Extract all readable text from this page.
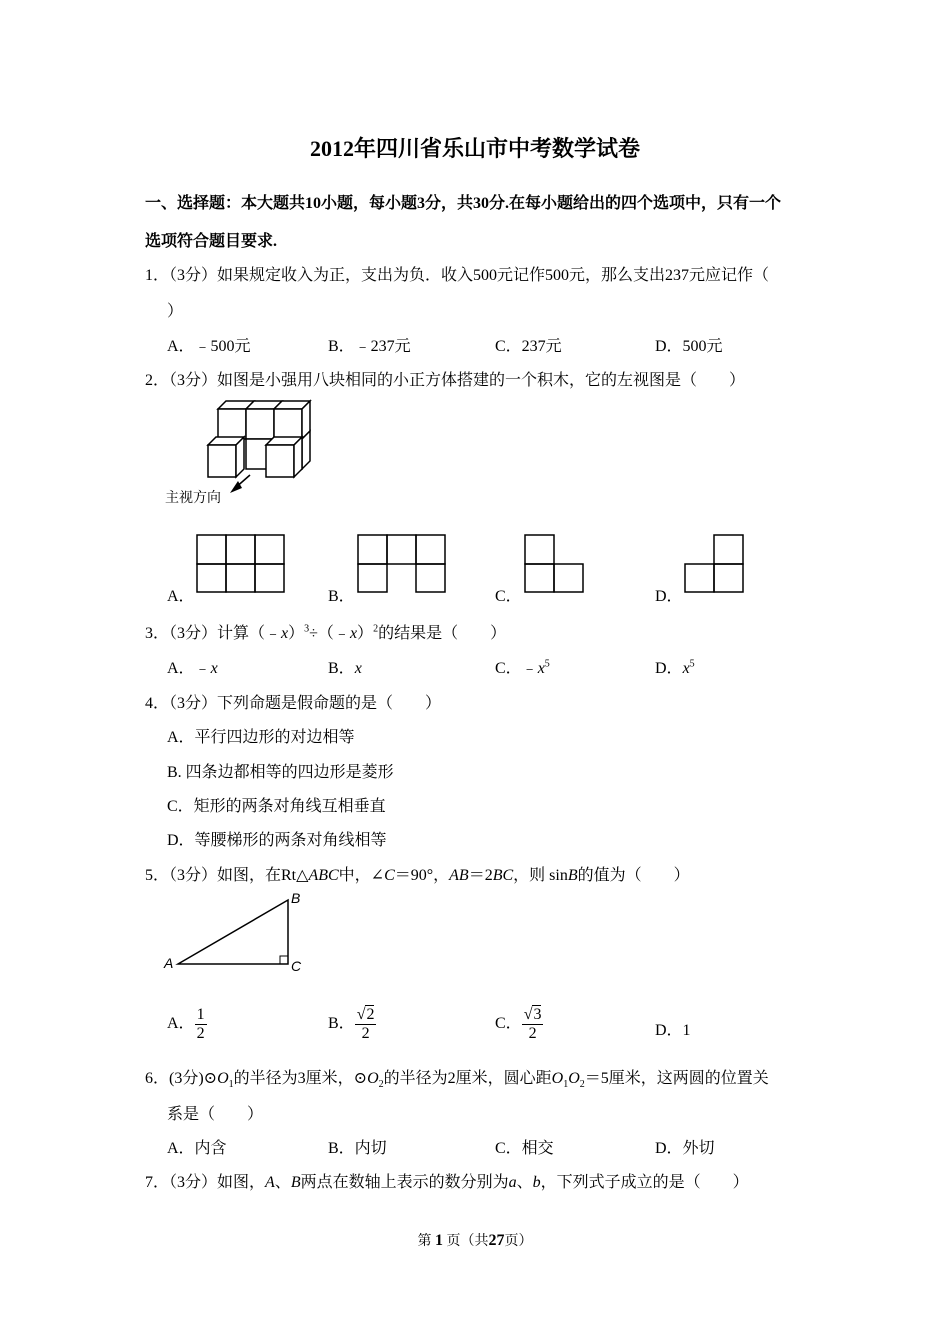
2012年四川省乐山市中考数学试卷
一、选择题：本大题共10小题，每小题3分，共30分.在每小题给出的四个选项中，只有一个
选项符合题目要求.
1．（3分）如果规定收入为正，支出为负．收入500元记作500元，那么支出237元应记作（
）
A．﹣500元	B．﹣237元	C．237元	D．500元
2．（3分）如图是小强用八块相同的小正方体搭建的一个积木，它的左视图是（　　）
主视方向
A．	B．	C．	D．
3．（3分）计算（﹣x）$^3$÷（﹣x）$^2$的结果是（　　）
A．﹣x	B．x	C．$﹣x^5$	D．$x^5$
4．（3分）下列命题是假命题的是（　　）
A．平行四边形的对边相等
B. 四条边都相等的四边形是菱形
C．矩形的两条对角线互相垂直
D．等腰梯形的两条对角线相等
5．（3分）如图，在Rt△ABC中，∠C＝90°，AB＝2BC，则 sinB的值为（　　）
A
B
C
A． $\frac{1}{2}$	B． $\frac{√2}{2}$	C． $\frac{√3}{2}$	D．1
6．(3分)$⊙O_1$的半径为3厘米，$⊙O_2$的半径为2厘米，圆心距$O_1O_2=5$厘米，这两圆的位置关
系是（　　）
A．内含	B．内切	C．相交	D．外切
7．（3分）如图，A、B两点在数轴上表示的数分别为a、b，下列式子成立的是（　　）
第 1 页（共27页）
